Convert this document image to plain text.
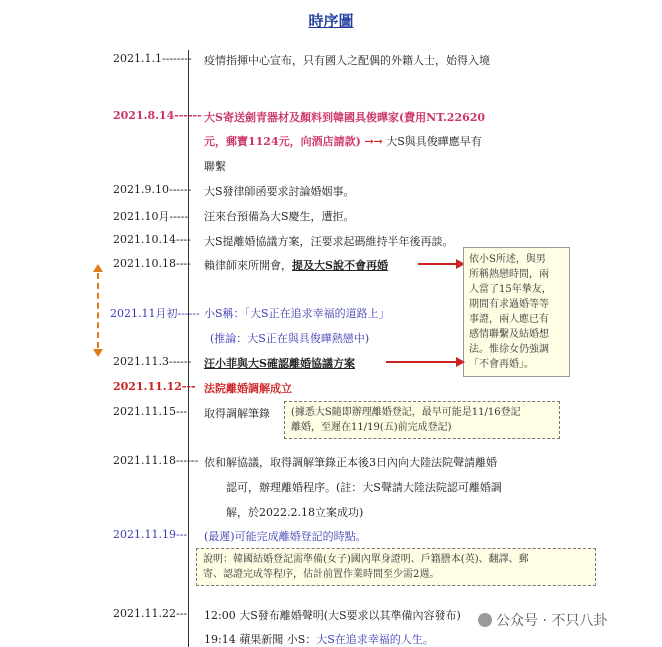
時序圖
2021.1.1-------- 疫情指揮中心宣布，只有國人之配偶的外籍人士，始得入境
2021.8.14------ 大S寄送劍青器材及顏料到韓國具俊曄家(費用NT.22620
元，郵寶1124元，向酒店請款) →→ 大S與具俊曄應早有
聯繫
2021.9.10------ 大S發律師函要求討論婚姻事。
2021.10月----- 汪來台預備為大S慶生，遭拒。
2021.10.14---- 大S提離婚協議方案，汪要求起碼維持半年後再談。
2021.10.18---- 賴律師來所開會，提及大S說不會再婚	依小S所述，與男
所稱熱戀時間，兩
人當了15年摯友，
期間有求過婚等等
事證，兩人應已有
感情聯繫及結婚想
法。惟徐女仍強調
「不會再婚」。
2021.11月初------ 小S稱：「大S正在追求幸福的道路上」
(推論：大S正在與具俊曄熱戀中)
2021.11.3------ 汪小菲與大S確認離婚協議方案
2021.11.12--- 法院離婚調解成立
2021.11.15--- 取得調解筆錄 (據悉大S隨即辦理離婚登記，最早可能是11/16登記
離婚，至遲在11/19(五)前完成登記)
2021.11.18------ 依和解協議，取得調解筆錄正本後3日內向大陸法院聲請離婚
認可，辦理離婚程序。(註：大S聲請大陸法院認可離婚調
解，於2022.2.18立案成功)
2021.11.19--- (最遲)可能完成離婚登記的時點。
說明：韓國結婚登記需準備(女子)國內單身證明、戶籍謄本(英)、翻譯、郵
寄、認證完成等程序，估計前置作業時間至少需2週。
2021.11.22--- 12:00 大S發布離婚聲明(大S要求以其準備內容發布)
19:14 蘋果新聞 小S：大S在追求幸福的人生。
公众号 · 不只八卦
